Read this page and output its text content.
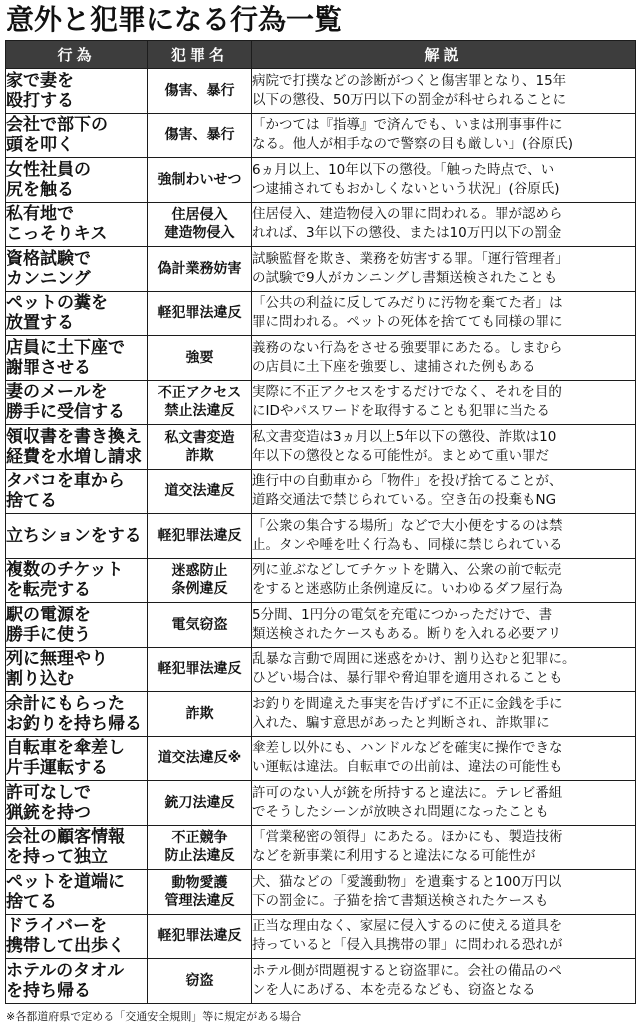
意外と犯罪になる行為一覧
行為	犯罪名	解説

家で妻を
殴打する	傷害、暴行	病院で打撲などの診断がつくと傷害罪となり、15年
以下の懲役、50万円以下の罰金が科せられることに

会社で部下の
頭を叩く	傷害、暴行	「かつては『指導』で済んでも、いまは刑事事件に
なる。他人が相手なので警察の目も厳しい」(谷原氏)

女性社員の
尻を触る	強制わいせつ	6ヵ月以上、10年以下の懲役。「触った時点で、い
つ逮捕されてもおかしくないという状況」(谷原氏)

私有地で
こっそりキス	住居侵入
建造物侵入	住居侵入、建造物侵入の罪に問われる。罪が認めら
れれば、3年以下の懲役、または10万円以下の罰金

資格試験で
カンニング	偽計業務妨害	試験監督を欺き、業務を妨害する罪。「運行管理者」
の試験で9人がカンニングし書類送検されたことも

ペットの糞を
放置する	軽犯罪法違反	「公共の利益に反してみだりに汚物を棄てた者」は
罪に問われる。ペットの死体を捨てても同様の罪に

店員に土下座で
謝罪させる	強要	義務のない行為をさせる強要罪にあたる。しまむら
の店員に土下座を強要し、逮捕された例もある

妻のメールを
勝手に受信する	不正アクセス
禁止法違反	実際に不正アクセスをするだけでなく、それを目的
にIDやパスワードを取得することも犯罪に当たる

領収書を書き換え
経費を水増し請求	私文書変造
詐欺	私文書変造は3ヵ月以上5年以下の懲役、詐欺は10
年以下の懲役となる可能性が。まとめて重い罪だ

タバコを車から
捨てる	道交法違反	進行中の自動車から「物件」を投げ捨てることが、
道路交通法で禁じられている。空き缶の投棄もNG

立ちションをする	軽犯罪法違反	「公衆の集合する場所」などで大小便をするのは禁
止。タンや唾を吐く行為も、同様に禁じられている

複数のチケット
を転売する	迷惑防止
条例違反	列に並ぶなどしてチケットを購入、公衆の前で転売
をすると迷惑防止条例違反に。いわゆるダフ屋行為

駅の電源を
勝手に使う	電気窃盗	5分間、1円分の電気を充電につかっただけで、書
類送検されたケースもある。断りを入れる必要アリ

列に無理やり
割り込む	軽犯罪法違反	乱暴な言動で周囲に迷惑をかけ、割り込むと犯罪に。
ひどい場合は、暴行罪や脅迫罪を適用されることも

余計にもらった
お釣りを持ち帰る	詐欺	お釣りを間違えた事実を告げずに不正に金銭を手に
入れた、騙す意思があったと判断され、詐欺罪に

自転車を傘差し
片手運転する	道交法違反※	傘差し以外にも、ハンドルなどを確実に操作できな
い運転は違法。自転車での出前は、違法の可能性も

許可なしで
猟銃を持つ	銃刀法違反	許可のない人が銃を所持すると違法に。テレビ番組
でそうしたシーンが放映され問題になったことも

会社の顧客情報
を持って独立	不正競争
防止法違反	「営業秘密の領得」にあたる。ほかにも、製造技術
などを新事業に利用すると違法になる可能性が

ペットを道端に
捨てる	動物愛護
管理法違反	犬、猫などの「愛護動物」を遺棄すると100万円以
下の罰金に。子猫を捨て書類送検されたケースも

ドライバーを
携帯して出歩く	軽犯罪法違反	正当な理由なく、家屋に侵入するのに使える道具を
持っていると「侵入具携帯の罪」に問われる恐れが

ホテルのタオル
を持ち帰る	窃盗	ホテル側が問題視すると窃盗罪に。会社の備品のペ
ンを人にあげる、本を売るなども、窃盗となる
※各都道府県で定める「交通安全規則」等に規定がある場合
